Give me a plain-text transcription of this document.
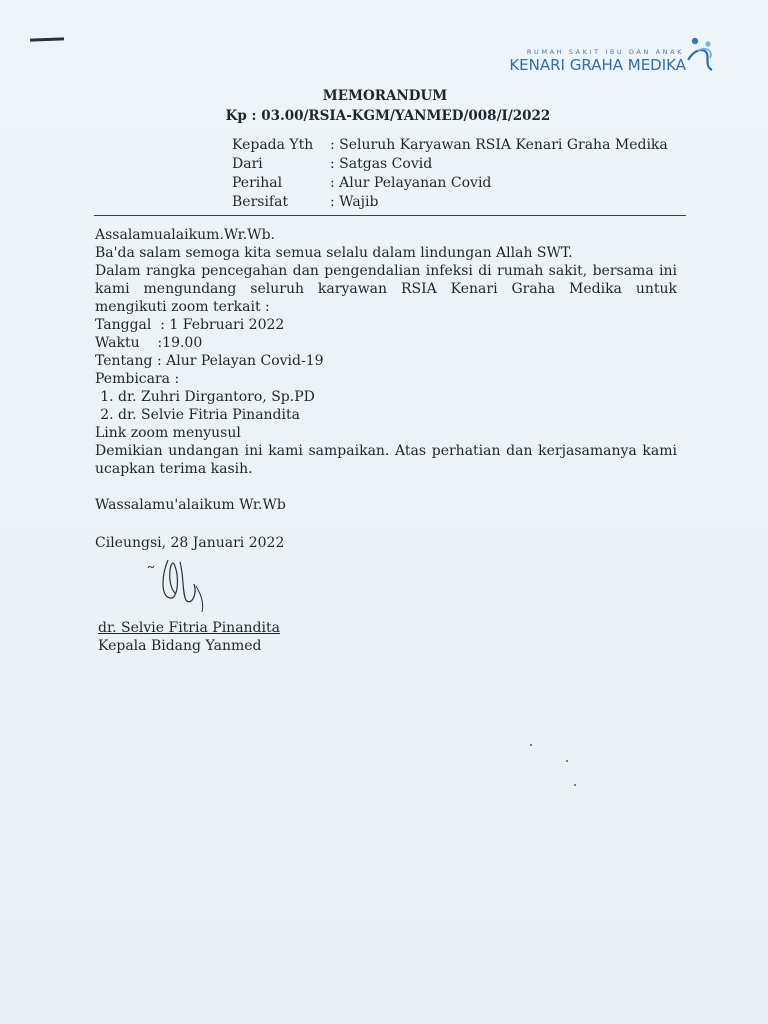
RUMAH SAKIT IBU DAN ANAK
KENARI GRAHA MEDIKA
MEMORANDUM
Kp : 03.00/RSIA-KGM/YANMED/008/I/2022
Kepada Yth	: Seluruh Karyawan RSIA Kenari Graha Medika
Dari	: Satgas Covid
Perihal	: Alur Pelayanan Covid
Bersifat	: Wajib

Assalamualaikum.Wr.Wb.

Ba'da salam semoga kita semua selalu dalam lindungan Allah SWT.

Dalam rangka pencegahan dan pengendalian infeksi di rumah sakit, bersama ini kami mengundang seluruh karyawan RSIA Kenari Graha Medika untuk mengikuti zoom terkait :

Tanggal  : 1 Februari 2022

Waktu    :19.00

Tentang : Alur Pelayan Covid-19

Pembicara :

1. dr. Zuhri Dirgantoro, Sp.PD
2. dr. Selvie Fitria Pinandita

Link zoom menyusul

Demikian undangan ini kami sampaikan. Atas perhatian dan kerjasamanya kami ucapkan terima kasih.

Wassalamu'alaikum Wr.Wb

Cileungsi, 28 Januari 2022
dr. Selvie Fitria Pinandita
Kepala Bidang Yanmed
